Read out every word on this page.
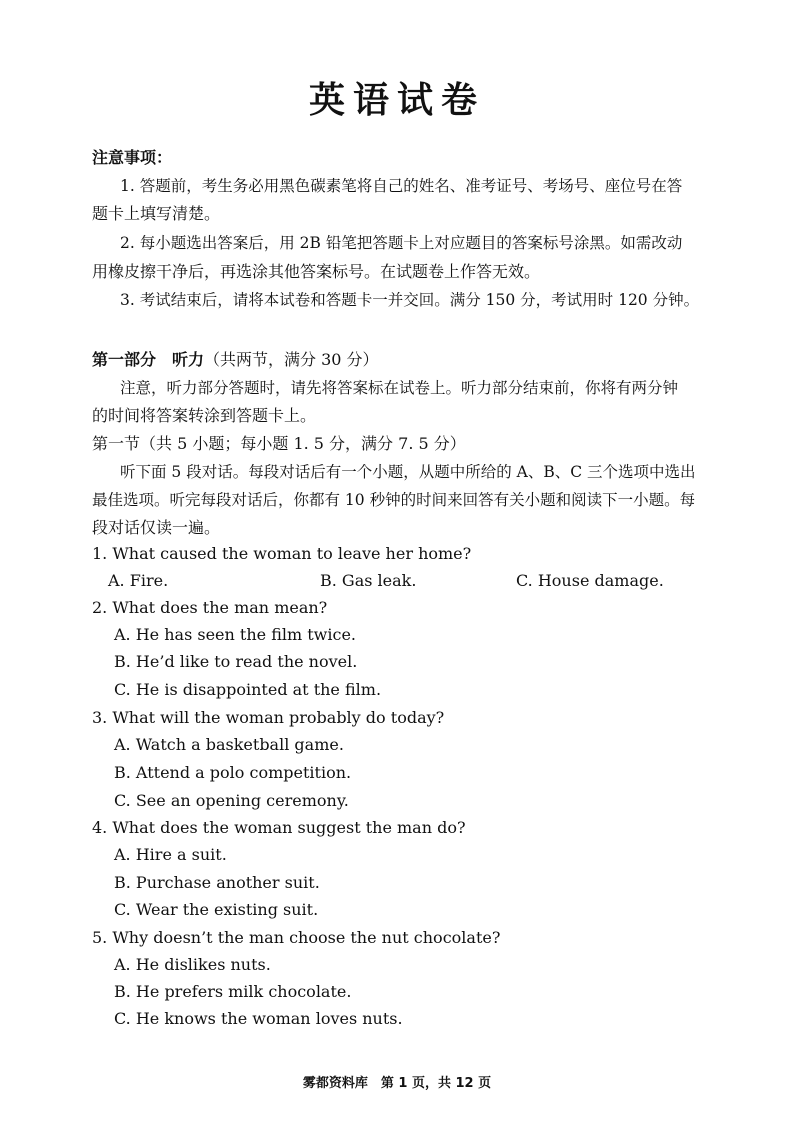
英语试卷
注意事项：
1. 答题前，考生务必用黑色碳素笔将自己的姓名、准考证号、考场号、座位号在答
题卡上填写清楚。
2. 每小题选出答案后，用 2B 铅笔把答题卡上对应题目的答案标号涂黑。如需改动
用橡皮擦干净后，再选涂其他答案标号。在试题卷上作答无效。
3. 考试结束后，请将本试卷和答题卡一并交回。满分 150 分，考试用时 120 分钟。
第一部分　听力（共两节，满分 30 分）
注意，听力部分答题时，请先将答案标在试卷上。听力部分结束前，你将有两分钟
的时间将答案转涂到答题卡上。
第一节（共 5 小题；每小题 1. 5 分，满分 7. 5 分）
听下面 5 段对话。每段对话后有一个小题，从题中所给的 A、B、C 三个选项中选出
最佳选项。听完每段对话后，你都有 10 秒钟的时间来回答有关小题和阅读下一小题。每
段对话仅读一遍。
1. What caused the woman to leave her home?
A. Fire.	B. Gas leak.	C. House damage.
2. What does the man mean?
A. He has seen the film twice.
B. He’d like to read the novel.
C. He is disappointed at the film.
3. What will the woman probably do today?
A. Watch a basketball game.
B. Attend a polo competition.
C. See an opening ceremony.
4. What does the woman suggest the man do?
A. Hire a suit.
B. Purchase another suit.
C. Wear the existing suit.
5. Why doesn’t the man choose the nut chocolate?
A. He dislikes nuts.
B. He prefers milk chocolate.
C. He knows the woman loves nuts.
雾都资料库　第 1 页，共 12 页
